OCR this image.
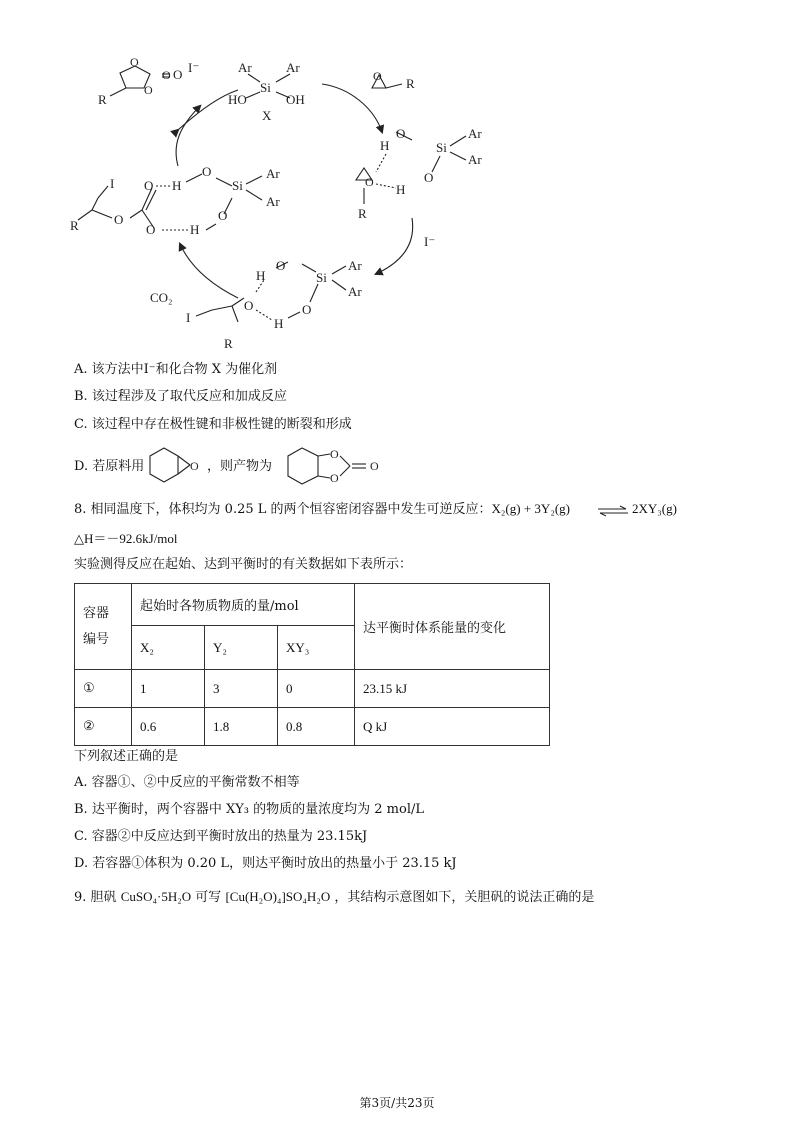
O O
O
O
R
I⁻	Ar	Ar
Si
HO	OH
X
O R
H
O
Si
Ar
Ar
O
H
O
R
I
R	O
O
O
H
O
Si
Ar
Ar
O
H
I⁻
H
O
Si
Ar
Ar
O
H
O
I
R
CO₂
A. 该方法中I⁻和化合物 X 为催化剂
B. 该过程涉及了取代反应和加成反应
C. 该过程中存在极性键和非极性键的断裂和形成
D. 若原料用	O ，则产物为
O
O
O
8. 相同温度下，体积均为 0.25 L 的两个恒容密闭容器中发生可逆反应：X₂(g) + 3Y₂(g) ⇌ 2XY₃(g)
△H＝－92.6kJ/mol
实验测得反应在起始、达到平衡时的有关数据如下表所示：
容器
编号	起始时各物质物质的量/mol			达平衡时体系能量的变化
	X₂	Y₂	XY₃	
①	1	3	0	23.15 kJ
②	0.6	1.8	0.8	Q kJ
下列叙述正确的是
A. 容器①、②中反应的平衡常数不相等
B. 达平衡时，两个容器中 XY₃ 的物质的量浓度均为 2 mol/L
C. 容器②中反应达到平衡时放出的热量为 23.15kJ
D. 若容器①体积为 0.20 L，则达平衡时放出的热量小于 23.15 kJ
9. 胆矾 CuSO₄·5H₂O 可写 [Cu(H₂O)₄]SO₄H₂O ，其结构示意图如下，关胆矾的说法正确的是
第3页/共23页
